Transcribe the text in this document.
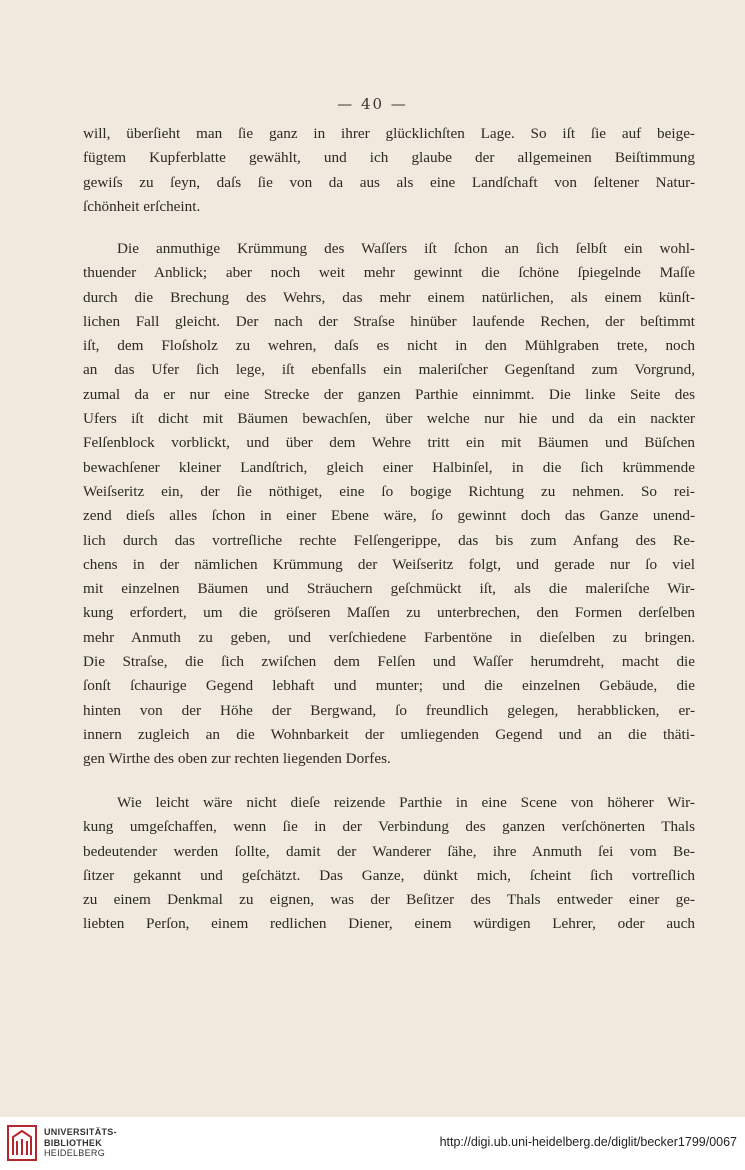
— 40 —
will, überſieht man ſie ganz in ihrer glücklichſten Lage. So iſt ſie auf beige-
fügtem Kupferblatte gewählt, und ich glaube der allgemeinen Beiſtimmung
gewiſs zu ſeyn, daſs ſie von da aus als eine Landſchaft von ſeltener Natur-
ſchönheit erſcheint.
Die anmuthige Krümmung des Waſſers iſt ſchon an ſich ſelbſt ein wohl-
thuender Anblick; aber noch weit mehr gewinnt die ſchöne ſpiegelnde Maſſe
durch die Brechung des Wehrs, das mehr einem natürlichen, als einem künſt-
lichen Fall gleicht. Der nach der Straſse hinüber laufende Rechen, der beſtimmt
iſt, dem Floſsholz zu wehren, daſs es nicht in den Mühlgraben trete, noch
an das Ufer ſich lege, iſt ebenfalls ein maleriſcher Gegenſtand zum Vorgrund,
zumal da er nur eine Strecke der ganzen Parthie einnimmt. Die linke Seite des
Ufers iſt dicht mit Bäumen bewachſen, über welche nur hie und da ein nackter
Felſenblock vorblickt, und über dem Wehre tritt ein mit Bäumen und Büſchen
bewachſener kleiner Landſtrich, gleich einer Halbinſel, in die ſich krümmende
Weiſseritz ein, der ſie nöthiget, eine ſo bogige Richtung zu nehmen. So rei-
zend dieſs alles ſchon in einer Ebene wäre, ſo gewinnt doch das Ganze unend-
lich durch das vortreſliche rechte Felſengerippe, das bis zum Anfang des Re-
chens in der nämlichen Krümmung der Weiſseritz folgt, und gerade nur ſo viel
mit einzelnen Bäumen und Sträuchern geſchmückt iſt, als die maleriſche Wir-
kung erfordert, um die gröſseren Maſſen zu unterbrechen, den Formen derſelben
mehr Anmuth zu geben, und verſchiedene Farbentöne in dieſelben zu bringen.
Die Straſse, die ſich zwiſchen dem Felſen und Waſſer herumdreht, macht die
ſonſt ſchaurige Gegend lebhaft und munter; und die einzelnen Gebäude, die
hinten von der Höhe der Bergwand, ſo freundlich gelegen, herabblicken, er-
innern zugleich an die Wohnbarkeit der umliegenden Gegend und an die thäti-
gen Wirthe des oben zur rechten liegenden Dorfes.
Wie leicht wäre nicht dieſe reizende Parthie in eine Scene von höherer Wir-
kung umgeſchaffen, wenn ſie in der Verbindung des ganzen verſchönerten Thals
bedeutender werden ſollte, damit der Wanderer ſähe, ihre Anmuth ſei vom Be-
ſitzer gekannt und geſchätzt. Das Ganze, dünkt mich, ſcheint ſich vortreſlich
zu einem Denkmal zu eignen, was der Beſitzer des Thals entweder einer ge-
liebten Perſon, einem redlichen Diener, einem würdigen Lehrer, oder auch
UNIVERSITÄTS-
BIBLIOTHEK
HEIDELBERG
http://digi.ub.uni-heidelberg.de/diglit/becker1799/0067
